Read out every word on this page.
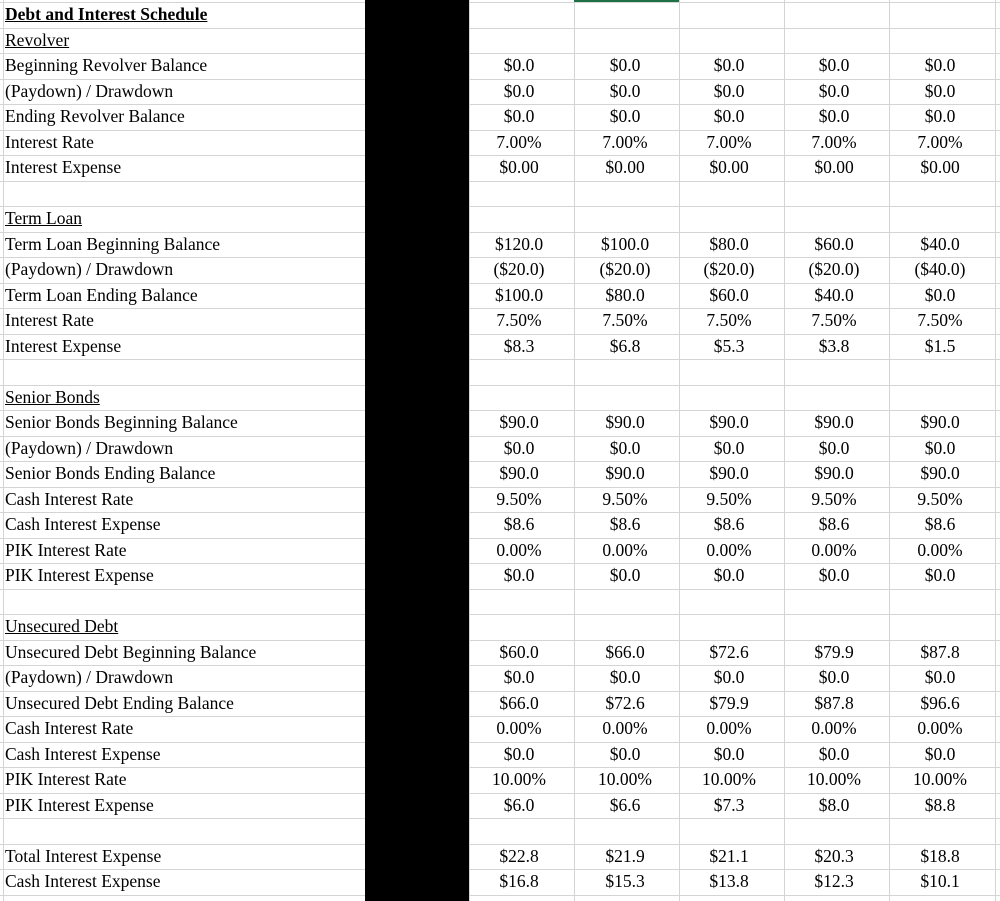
Debt and Interest Schedule
Revolver
Beginning Revolver Balance	$0.0	$0.0	$0.0	$0.0	$0.0
(Paydown) / Drawdown	$0.0	$0.0	$0.0	$0.0	$0.0
Ending Revolver Balance	$0.0	$0.0	$0.0	$0.0	$0.0
Interest Rate	7.00%	7.00%	7.00%	7.00%	7.00%
Interest Expense	$0.00	$0.00	$0.00	$0.00	$0.00
Term Loan
Term Loan Beginning Balance	$120.0	$100.0	$80.0	$60.0	$40.0
(Paydown) / Drawdown	($20.0)	($20.0)	($20.0)	($20.0)	($40.0)
Term Loan Ending Balance	$100.0	$80.0	$60.0	$40.0	$0.0
Interest Rate	7.50%	7.50%	7.50%	7.50%	7.50%
Interest Expense	$8.3	$6.8	$5.3	$3.8	$1.5
Senior Bonds
Senior Bonds Beginning Balance	$90.0	$90.0	$90.0	$90.0	$90.0
(Paydown) / Drawdown	$0.0	$0.0	$0.0	$0.0	$0.0
Senior Bonds Ending Balance	$90.0	$90.0	$90.0	$90.0	$90.0
Cash Interest Rate	9.50%	9.50%	9.50%	9.50%	9.50%
Cash Interest Expense	$8.6	$8.6	$8.6	$8.6	$8.6
PIK Interest Rate	0.00%	0.00%	0.00%	0.00%	0.00%
PIK Interest Expense	$0.0	$0.0	$0.0	$0.0	$0.0
Unsecured Debt
Unsecured Debt Beginning Balance	$60.0	$66.0	$72.6	$79.9	$87.8
(Paydown) / Drawdown	$0.0	$0.0	$0.0	$0.0	$0.0
Unsecured Debt Ending Balance	$66.0	$72.6	$79.9	$87.8	$96.6
Cash Interest Rate	0.00%	0.00%	0.00%	0.00%	0.00%
Cash Interest Expense	$0.0	$0.0	$0.0	$0.0	$0.0
PIK Interest Rate	10.00%	10.00%	10.00%	10.00%	10.00%
PIK Interest Expense	$6.0	$6.6	$7.3	$8.0	$8.8
Total Interest Expense	$22.8	$21.9	$21.1	$20.3	$18.8
Cash Interest Expense	$16.8	$15.3	$13.8	$12.3	$10.1
